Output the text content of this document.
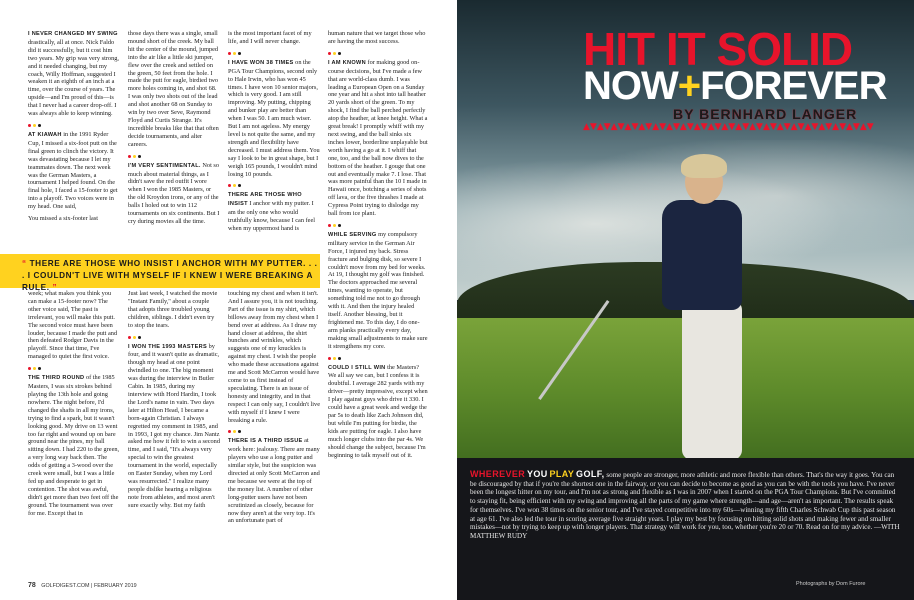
I NEVER CHANGED MY SWING drastically, all at once. Nick Faldo did it successfully, but it cost him two years. My grip was very strong, and it needed changing, but my coach, Willy Hoffman, suggested I weaken it an eighth of an inch at a time, over the course of years. The upside—and I'm proud of this—is that I never had a career drop-off. I was always able to keep winning.

AT KIAWAH in the 1991 Ryder Cup, I missed a six-foot putt on the final green to clinch the victory. It was devastating because I let my teammates down. The next week was the German Masters, a tournament I helped found. On the final hole, I faced a 15-footer to get into a playoff. Two voices were in my head. One said,

You missed a six-footer last

those days there was a single, small mound short of the creek. My ball hit the center of the mound, jumped into the air like a little ski jumper, flew over the creek and settled on the green, 50 feet from the hole. I made the putt for eagle, birdied two more holes coming in, and shot 68. I was only two shots out of the lead and shot another 68 on Sunday to win by two over Seve, Raymond Floyd and Curtis Strange. It's incredible breaks like that that often decide tournaments, and alter careers.

I'M VERY SENTIMENTAL. Not so much about material things, as I didn't save the red outfit I wore when I won the 1985 Masters, or the old Kroydon irons, or any of the balls I holed out to win 112 tournaments on six continents. But I cry during movies all the time.

is the most important facet of my life, and I will never change.

I HAVE WON 38 TIMES on the PGA Tour Champions, second only to Hale Irwin, who has won 45 times. I have won 10 senior majors, which is very good. I am still improving. My putting, chipping and bunker play are better than when I was 50. I am much wiser. But I am not ageless. My energy level is not quite the same, and my strength and flexibility have decreased. I must address them. You say I look to be in great shape, but I weigh 165 pounds, I wouldn't mind losing 10 pounds.

THERE ARE THOSE WHO INSIST I anchor with my putter. I am the only one who would truthfully know, because I can feel when my uppermost hand is

human nature that we target those who are having the most success.

I AM KNOWN for making good on-course decisions, but I've made a few that are world-class dumb. I was leading a European Open on a Sunday one year and hit a shot into tall heather 20 yards short of the green. To my shock, I find the ball perched perfectly atop the heather, at knee height. What a great break! I promptly whiff with my next swing, and the ball sinks six inches lower, borderline unplayable but worth having a go at it. I whiff that one, too, and the ball now dives to the bottom of the heather. I gouge that one out and eventually make 7. I lose. That was more painful than the 10 I made in Hawaii once, botching a series of shots off lava, or the five thrashes I made at Cypress Point trying to dislodge my ball from ice plant.

WHILE SERVING my compulsory military service in the German Air Force, I injured my back. Stress fracture and bulging disk, so severe I couldn't move from my bed for weeks. At 19, I thought my golf was finished. The doctors approached me several times, wanting to operate, but something told me not to go through with it. And then the injury healed itself. Another blessing, but it frightened me. To this day, I do one-arm planks practically every day, making small adjustments to make sure it strengthens my core.

COULD I STILL WIN the Masters? We all say we can, but I confess it is doubtful. I average 282 yards with my driver—pretty impressive, except when I play against guys who drive it 330. I could have a great week and wedge the par 5s to death like Zach Johnson did, but while I'm putting for birdie, the kids are putting for eagle. I also have much longer clubs into the par 4s. We should change the subject, because I'm beginning to talk myself out of it.

“ THERE ARE THOSE WHO INSIST I ANCHOR WITH MY PUTTER. . . . I COULDN'T LIVE WITH MYSELF IF I KNEW I WERE BREAKING A RULE. ”

week; what makes you think you can make a 15-footer now? The other voice said, The past is irrelevant, you will make this putt. The second voice must have been louder, because I made the putt and then defeated Rodger Davis in the playoff. Since that time, I've managed to quiet the first voice.

THE THIRD ROUND of the 1985 Masters, I was six strokes behind playing the 13th hole and going nowhere. The night before, I'd changed the shafts in all my irons, trying to find a spark, but it wasn't looking good. My drive on 13 went too far right and wound up on bare ground near the pines, my ball sitting down. I had 220 to the green, a very long way back then. The odds of getting a 3-wood over the creek were small, but I was a little fed up and desperate to get in contention. The shot was awful, didn't get more than two feet off the ground. The tournament was over for me. Except that in

Just last week, I watched the movie "Instant Family," about a couple that adopts three troubled young children, siblings. I didn't even try to stop the tears.

I WON THE 1993 MASTERS by four, and it wasn't quite as dramatic, though my head at one point dwindled to one. The big moment was during the interview in Butler Cabin. In 1985, during my interview with Hord Hardin, I took the Lord's name in vain. Two days later at Hilton Head, I became a born-again Christian. I always regretted my comment in 1985, and in 1993, I got my chance. Jim Nantz asked me how it felt to win a second time, and I said, "It's always very special to win the greatest tournament in the world, especially on Easter Sunday, when my Lord was resurrected." I realize many people dislike hearing a religious note from athletes, and most aren't sure exactly why. But my faith

touching my chest and when it isn't. And I assure you, it is not touching. Part of the issue is my shirt, which billows away from my chest when I bend over at address. As I draw my hand closer at address, the shirt bunches and wrinkles, which suggests one of my knuckles is against my chest. I wish the people who made these accusations against me and Scott McCarron would have come to us first instead of speculating. There is an issue of honesty and integrity, and in that respect I can only say, I couldn't live with myself if I knew I were breaking a rule.

THERE IS A THIRD ISSUE at work here: jealousy. There are many players who use a long putter and similar style, but the suspicion was directed at only Scott McCarron and me because we were at the top of the money list. A number of other long-putter users have not been scrutinized as closely, because for now they aren't at the very top. It's an unfortunate part of

78 GOLFDIGEST.COM | FEBRUARY 2019
HIT IT SOLID
NOW+FOREVER
BY BERNHARD LANGER
▲▼▲▼▲▼▲▼▲▼▲▼▲▼▲▼▲▼▲▼▲▼▲▼▲▼▲▼▲▼▲▼▲▼▲▼▲▼▲▼▲▼
WHEREVER YOU PLAY GOLF, some people are stronger, more athletic and more flexible than others. That's the way it goes. You can be discouraged by that if you're the shortest one in the fairway, or you can decide to become as good as you can be with the tools you have. I've never been the longest hitter on my tour, and I'm not as strong and flexible as I was in 2007 when I started on the PGA Tour Champions. But I've committed to staying fit, being efficient with my swing and improving all the parts of my game where strength—and age—aren't as important. The results speak for themselves. I've won 38 times on the senior tour, and I've stayed competitive into my 60s—winning my fifth Charles Schwab Cup this past season at age 61. I've also led the tour in scoring average five straight years. I play my best by focusing on hitting solid shots and making fewer and smaller mistakes—not by trying to keep up with longer players. That strategy will work for you, too, whether you're 20 or 70. Read on for my advice. —WITH MATTHEW RUDY
Photographs by Dom Furore
